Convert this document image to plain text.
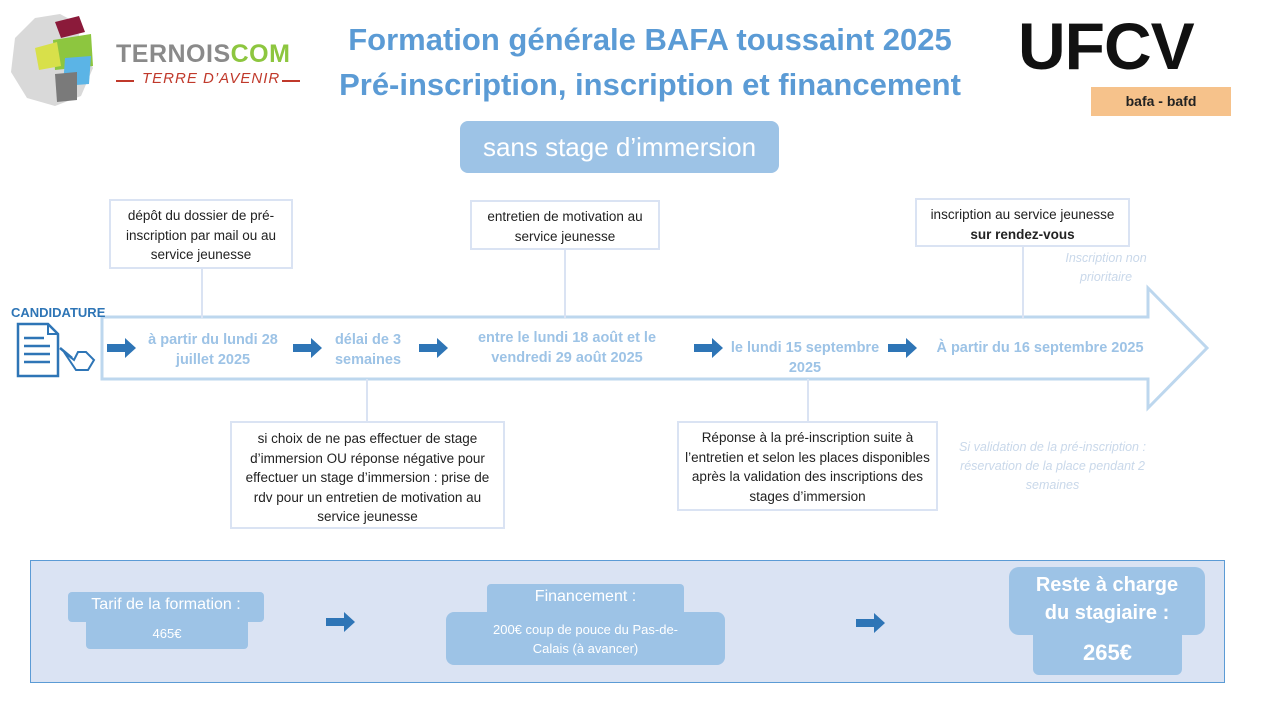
TERNOISCOM
TERRE D’AVENIR
Formation générale BAFA toussaint 2025
Pré-inscription, inscription et financement
UFCV
bafa - bafd
sans stage d’immersion
CANDIDATURE
à partir du lundi 28 juillet 2025
délai de 3 semaines
entre le lundi 18 août et le vendredi 29 août 2025
le lundi 15 septembre 2025
À partir du 16 septembre 2025
dépôt du dossier de pré-inscription par mail ou au service jeunesse
entretien de motivation au service jeunesse
inscription au service jeunesse sur rendez-vous
Inscription non prioritaire
Si validation de la pré-inscription : réservation de la place pendant 2 semaines
si choix de ne pas effectuer de stage d’immersion OU réponse négative pour effectuer un stage d’immersion : prise de rdv pour un entretien de motivation au service jeunesse
Réponse à la pré-inscription suite à l’entretien et selon les places disponibles après la validation des inscriptions des stages d’immersion
Tarif de la formation :
465€
Financement :
200€ coup de pouce du Pas-de-Calais (à avancer)
Reste à charge du stagiaire :
265€
